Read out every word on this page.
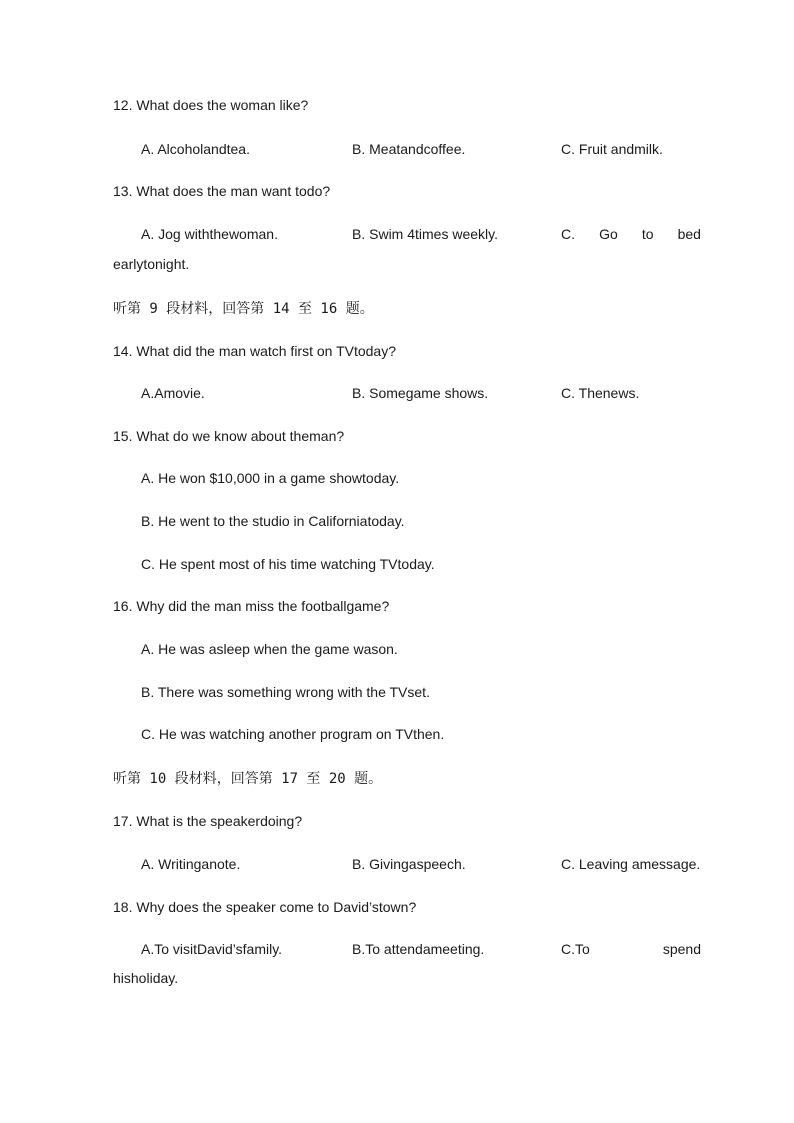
12. What does the woman like?
A. Alcoholandtea.	B. Meatandcoffee.	C. Fruit andmilk.
13. What does the man want todo?
A. Jog withthewoman.	B. Swim 4times weekly.	C. Go to bed
earlytonight.
听第 9 段材料，回答第 14 至 16 题。
14. What did the man watch first on TVtoday?
A.Amovie.	B. Somegame shows.	C. Thenews.
15. What do we know about theman?
A. He won $10,000 in a game showtoday.
B. He went to the studio in Californiatoday.
C. He spent most of his time watching TVtoday.
16. Why did the man miss the footballgame?
A. He was asleep when the game wason.
B. There was something wrong with the TVset.
C. He was watching another program on TVthen.
听第 10 段材料，回答第 17 至 20 题。
17. What is the speakerdoing?
A. Writinganote.	B. Givingaspeech.	C. Leaving amessage.
18. Why does the speaker come to David’stown?
A.To visitDavid’sfamily.	B.To attendameeting.	C.To	spend
hisholiday.
